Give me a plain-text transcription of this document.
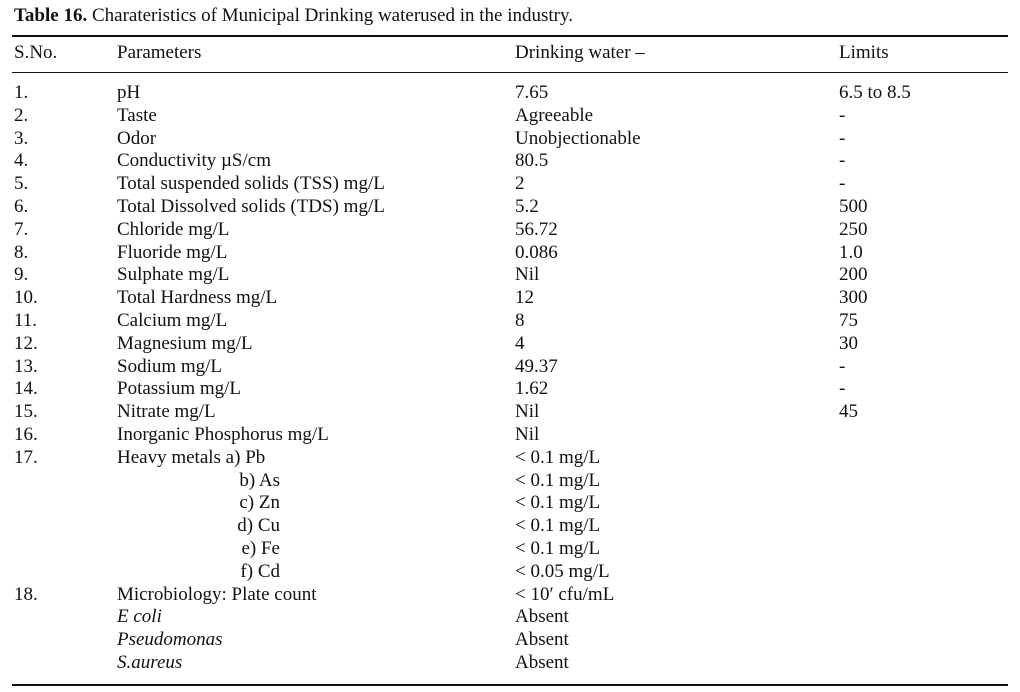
Table 16. Charateristics of Municipal Drinking waterused in the industry.
S.No.	Parameters	Drinking water –	Limits
1.	pH	7.65	6.5 to 8.5
2.	Taste	Agreeable	-
3.	Odor	Unobjectionable	-
4.	Conductivity µS/cm	80.5	-
5.	Total suspended solids (TSS) mg/L	2	-
6.	Total Dissolved solids (TDS) mg/L	5.2	500
7.	Chloride mg/L	56.72	250
8.	Fluoride mg/L	0.086	1.0
9.	Sulphate mg/L	Nil	200
10.	Total Hardness mg/L	12	300
11.	Calcium mg/L	8	75
12.	Magnesium mg/L	4	30
13.	Sodium mg/L	49.37	-
14.	Potassium mg/L	1.62	-
15.	Nitrate mg/L	Nil	45
16.	Inorganic Phosphorus mg/L	Nil
17.	Heavy metals a) Pb	< 0.1 mg/L
b) As	< 0.1 mg/L
c) Zn	< 0.1 mg/L
d) Cu	< 0.1 mg/L
e) Fe	< 0.1 mg/L
f) Cd	< 0.05 mg/L
18.	Microbiology: Plate count	< 10′ cfu/mL
E coli	Absent
Pseudomonas	Absent
S.aureus	Absent
